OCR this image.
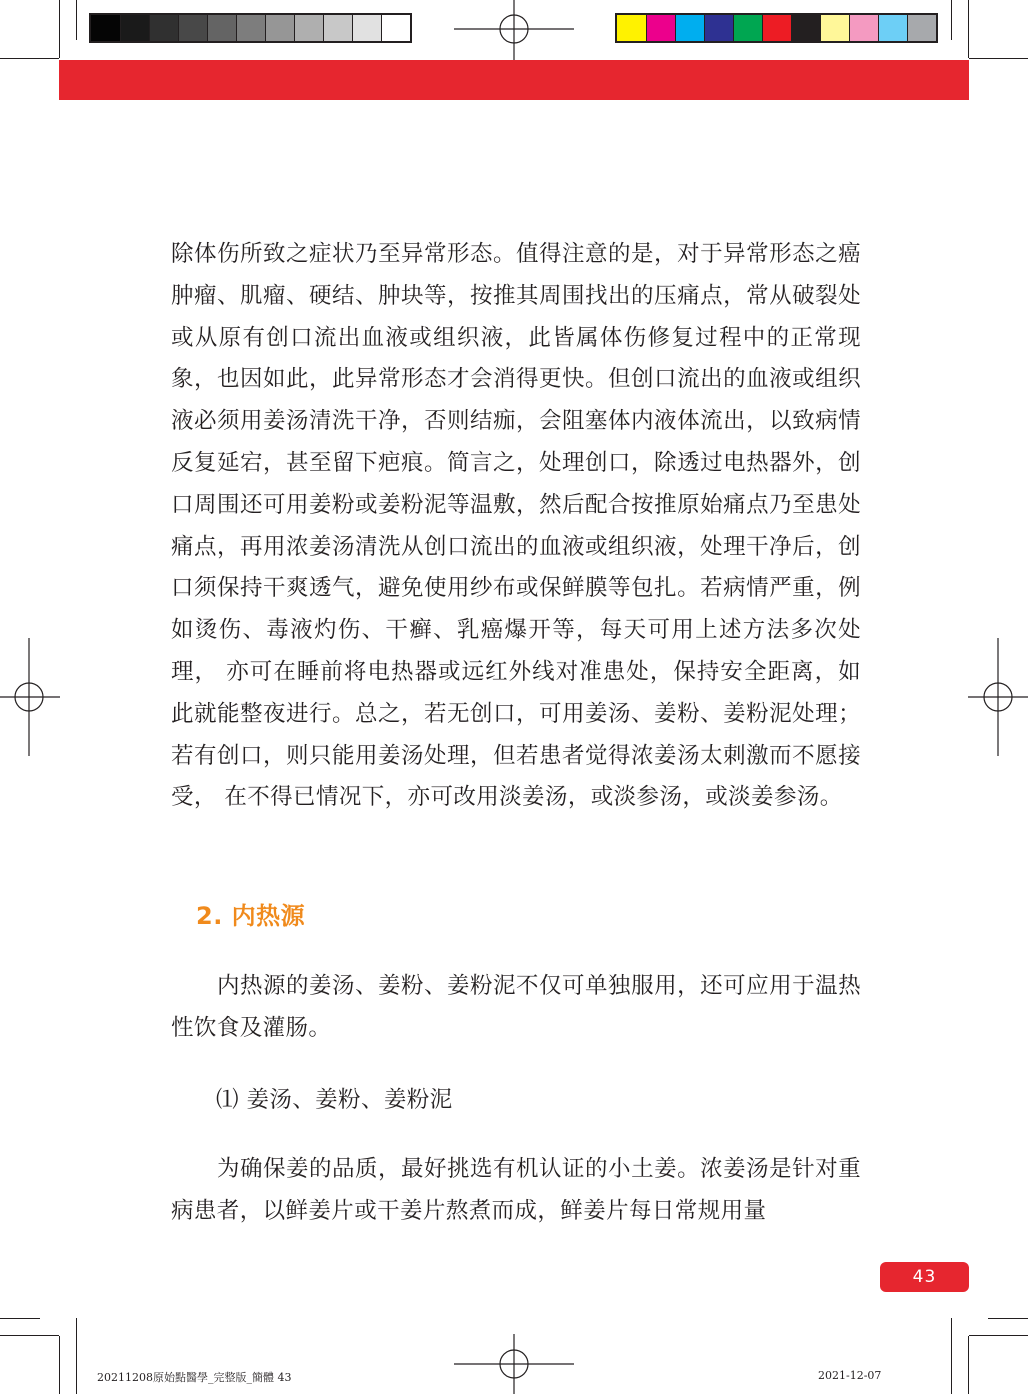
除体伤所致之症状乃至异常形态。值得注意的是，对于异常形态之癌肿瘤、肌瘤、硬结、肿块等，按推其周围找出的压痛点，常从破裂处或从原有创口流出血液或组织液，此皆属体伤修复过程中的正常现象，也因如此，此异常形态才会消得更快。但创口流出的血液或组织液必须用姜汤清洗干净，否则结痂，会阻塞体内液体流出，以致病情反复延宕，甚至留下疤痕。简言之，处理创口，除透过电热器外，创口周围还可用姜粉或姜粉泥等温敷，然后配合按推原始痛点乃至患处痛点，再用浓姜汤清洗从创口流出的血液或组织液，处理干净后，创口须保持干爽透气，避免使用纱布或保鲜膜等包扎。若病情严重，例如烫伤、毒液灼伤、干癣、乳癌爆开等，每天可用上述方法多次处理， 亦可在睡前将电热器或远红外线对准患处，保持安全距离，如此就能整夜进行。总之，若无创口，可用姜汤、姜粉、姜粉泥处理；若有创口，则只能用姜汤处理，但若患者觉得浓姜汤太刺激而不愿接受， 在不得已情况下，亦可改用淡姜汤，或淡参汤，或淡姜参汤。

2. 内热源

内热源的姜汤、姜粉、姜粉泥不仅可单独服用，还可应用于温热性饮食及灌肠。

⑴ 姜汤、姜粉、姜粉泥

为确保姜的品质，最好挑选有机认证的小土姜。浓姜汤是针对重病患者，以鲜姜片或干姜片熬煮而成，鲜姜片每日常规用量

43
20211208原始點醫學_完整版_簡體 43	2021-12-07
